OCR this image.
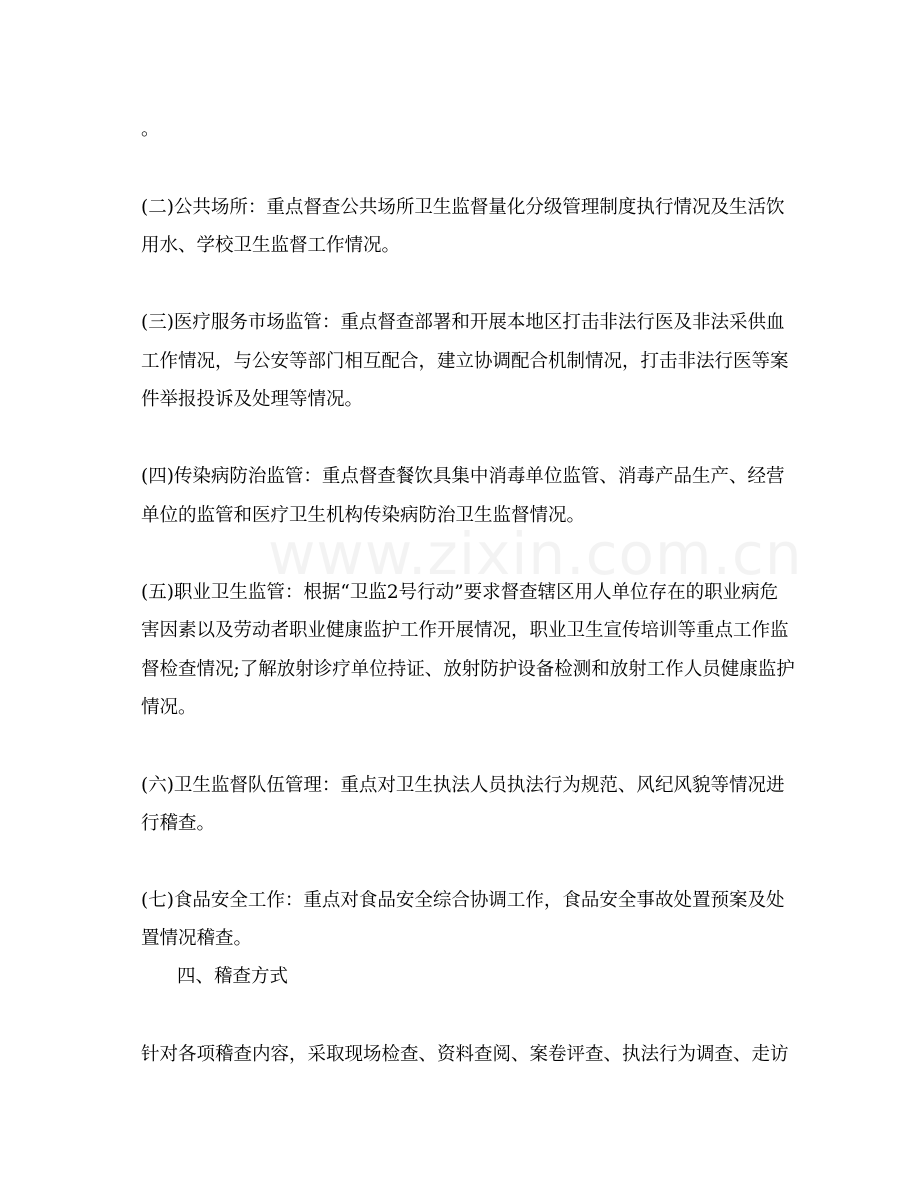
。
(二)公共场所：重点督查公共场所卫生监督量化分级管理制度执行情况及生活饮
用水、学校卫生监督工作情况。
(三)医疗服务市场监管：重点督查部署和开展本地区打击非法行医及非法采供血
工作情况，与公安等部门相互配合，建立协调配合机制情况，打击非法行医等案
件举报投诉及处理等情况。
(四)传染病防治监管：重点督查餐饮具集中消毒单位监管、消毒产品生产、经营
单位的监管和医疗卫生机构传染病防治卫生监督情况。
(五)职业卫生监管：根据“卫监2号行动”要求督查辖区用人单位存在的职业病危
害因素以及劳动者职业健康监护工作开展情况，职业卫生宣传培训等重点工作监
督检查情况;了解放射诊疗单位持证、放射防护设备检测和放射工作人员健康监护
情况。
(六)卫生监督队伍管理：重点对卫生执法人员执法行为规范、风纪风貌等情况进
行稽查。
(七)食品安全工作：重点对食品安全综合协调工作，食品安全事故处置预案及处
置情况稽查。
四、稽查方式
针对各项稽查内容，采取现场检查、资料查阅、案卷评查、执法行为调查、走访
